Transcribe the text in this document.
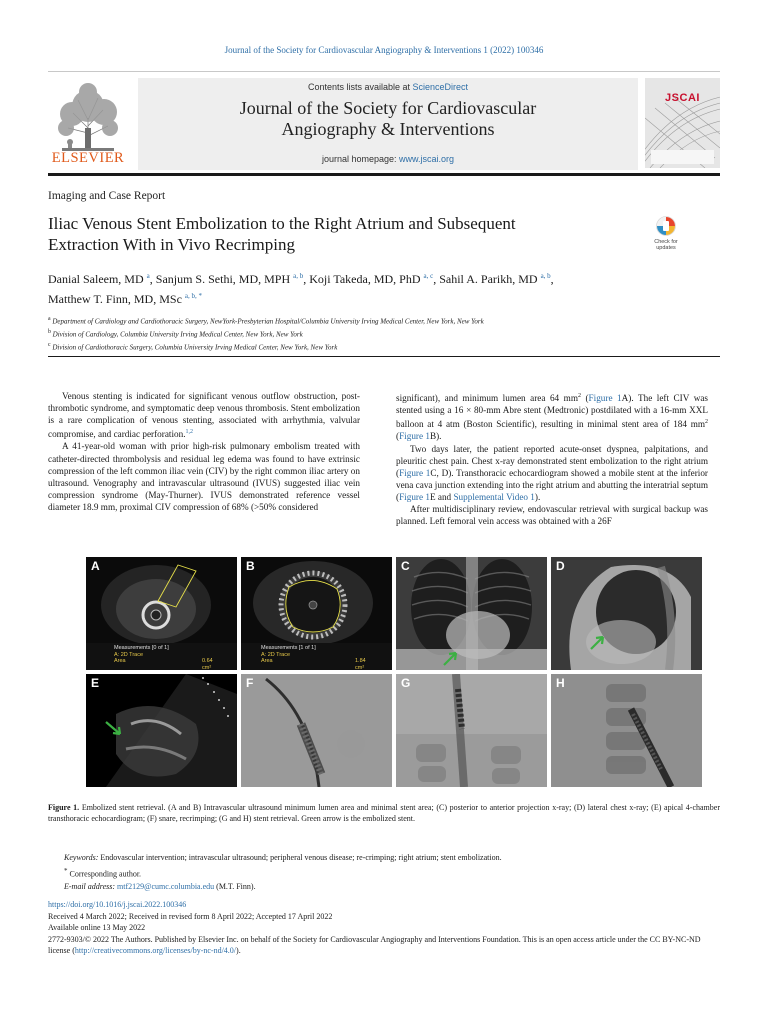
Journal of the Society for Cardiovascular Angiography & Interventions 1 (2022) 100346
ELSEVIER
Contents lists available at ScienceDirect
Journal of the Society for Cardiovascular
Angiography & Interventions
journal homepage: www.jscai.org
JSCAI
Imaging and Case Report
Iliac Venous Stent Embolization to the Right Atrium and Subsequent
Extraction With in Vivo Recrimping	Check for
updates
Danial Saleem, MD $^a$, Sanjum S. Sethi, MD, MPH $^{a, b}$, Koji Takeda, MD, PhD $^{a, c}$, Sahil A. Parikh, MD $^{a, b}$,
Matthew T. Finn, MD, MSc $^{a, b, *}$
$^a$ Department of Cardiology and Cardiothoracic Surgery, NewYork-Presbyterian Hospital/Columbia University Irving Medical Center, New York, New York
$^b$ Division of Cardiology, Columbia University Irving Medical Center, New York, New York
$^c$ Division of Cardiothoracic Surgery, Columbia University Irving Medical Center, New York, New York

Venous stenting is indicated for significant venous outflow obstruction, post-thrombotic syndrome, and symptomatic deep venous thrombosis. Stent embolization is a rare complication of venous stenting, associated with arrhythmia, valvular compromise, and cardiac perforation.$^{1,2}$

A 41-year-old woman with prior high-risk pulmonary embolism treated with catheter-directed thrombolysis and residual leg edema was found to have extrinsic compression of the left common iliac vein (CIV) by the right common iliac artery on ultrasound. Venography and intravascular ultrasound (IVUS) suggested iliac vein compression syndrome (May-Thurner). IVUS demonstrated reference vessel diameter 18.9 mm, proximal CIV compression of 68% (>50% considered

significant), and minimum lumen area 64 $mm^2$ (Figure 1A). The left CIV was stented using a 16 × 80-mm Abre stent (Medtronic) postdilated with a 16-mm XXL balloon at 4 atm (Boston Scientific), resulting in minimal stent area of 184 $mm^2$ (Figure 1B).

Two days later, the patient reported acute-onset dyspnea, palpitations, and pleuritic chest pain. Chest x-ray demonstrated stent embolization to the right atrium (Figure 1C, D). Transthoracic echocardiogram showed a mobile stent at the inferior vena cava junction extending into the right atrium and abutting the interatrial septum (Figure 1E and Supplemental Video 1).

After multidisciplinary review, endovascular retrieval with surgical backup was planned. Left femoral vein access was obtained with a 26F

A
Measurements [0 of 1]
A: 2D Trace
Area	0.64 cm²
B
Measurements [1 of 1]
A: 2D Trace
Area	1.84 cm²
C	D
E	F	G	H
Figure 1. Embolized stent retrieval. (A and B) Intravascular ultrasound minimum lumen area and minimal stent area; (C) posterior to anterior projection x-ray; (D) lateral chest x-ray; (E) apical 4-chamber transthoracic echocardiogram; (F) snare, recrimping; (G and H) stent retrieval. Green arrow is the embolized stent.
Keywords: Endovascular intervention; intravascular ultrasound; peripheral venous disease; re-crimping; right atrium; stent embolization.
* Corresponding author.
E-mail address: mtf2129@cumc.columbia.edu (M.T. Finn).
https://doi.org/10.1016/j.jscai.2022.100346
Received 4 March 2022; Received in revised form 8 April 2022; Accepted 17 April 2022
Available online 13 May 2022
2772-9303/© 2022 The Authors. Published by Elsevier Inc. on behalf of the Society for Cardiovascular Angiography and Interventions Foundation. This is an open access article under the CC BY-NC-ND license (http://creativecommons.org/licenses/by-nc-nd/4.0/).
